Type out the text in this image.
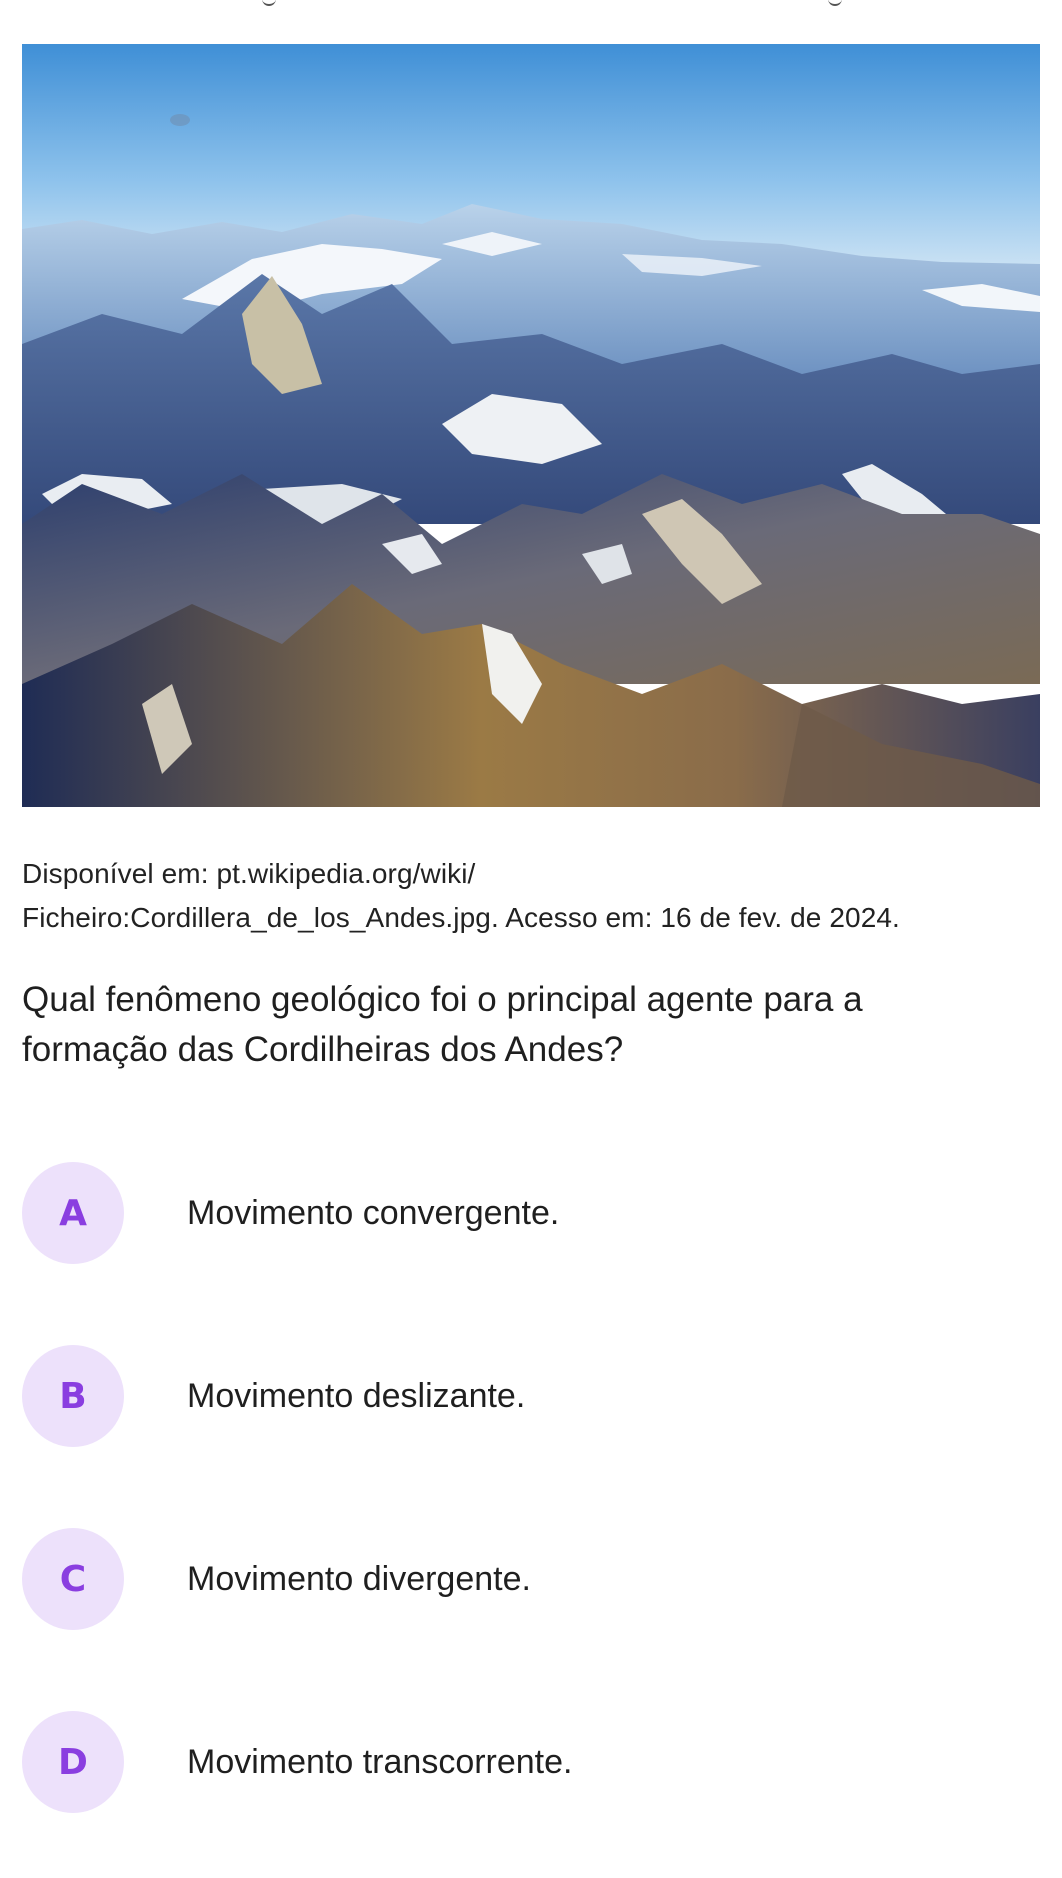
Disponível em: pt.wikipedia.org/wiki/
Ficheiro:Cordillera_de_los_Andes.jpg. Acesso em: 16 de fev. de 2024.
Qual fenômeno geológico foi o principal agente para a
formação das Cordilheiras dos Andes?
A	Movimento convergente.
B	Movimento deslizante.
C	Movimento divergente.
D	Movimento transcorrente.
